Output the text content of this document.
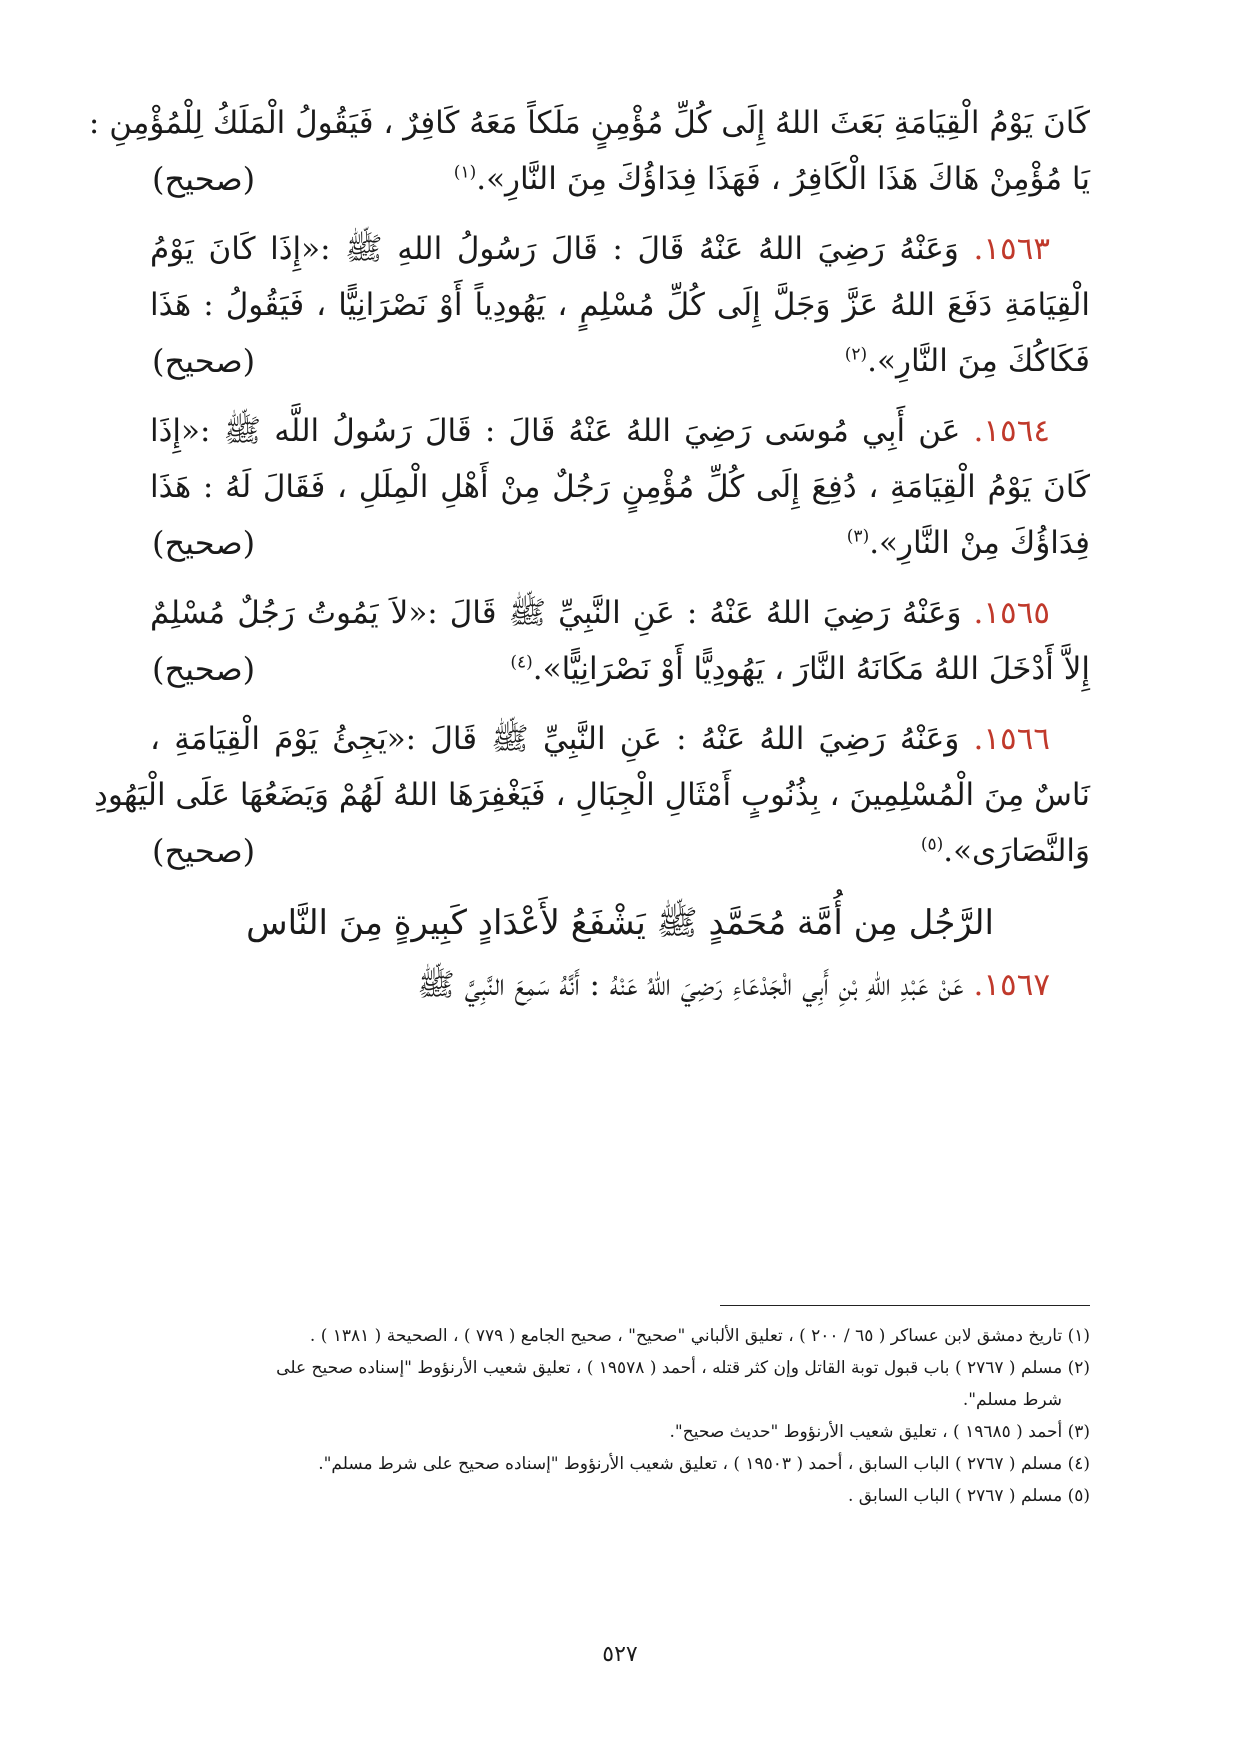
كَانَ يَوْمُ الْقِيَامَةِ بَعَثَ اللهُ إِلَى كُلِّ مُؤْمِنٍ مَلَكاً مَعَهُ كَافِرٌ ، فَيَقُولُ الْمَلَكُ لِلْمُؤْمِنِ :
يَا مُؤْمِنْ هَاكَ هَذَا الْكَافِرُ ، فَهَذَا فِدَاؤُكَ مِنَ النَّارِ».$^{(١)}$
(صحيح)
١٥٦٣. وَعَنْهُ رَضِيَ اللهُ عَنْهُ قَالَ : قَالَ رَسُولُ اللهِ ﷺ :«إِذَا كَانَ يَوْمُ
الْقِيَامَةِ دَفَعَ اللهُ عَزَّ وَجَلَّ إِلَى كُلِّ مُسْلِمٍ ، يَهُودِياً أَوْ نَصْرَانِيًّا ، فَيَقُولُ : هَذَا
فَكَاكُكَ مِنَ النَّارِ».$^{(٢)}$
(صحيح)
١٥٦٤. عَن أَبِي مُوسَى رَضِيَ اللهُ عَنْهُ قَالَ : قَالَ رَسُولُ اللَّه ﷺ :«إِذَا
كَانَ يَوْمُ الْقِيَامَةِ ، دُفِعَ إِلَى كُلِّ مُؤْمِنٍ رَجُلٌ مِنْ أَهْلِ الْمِلَلِ ، فَقَالَ لَهُ : هَذَا
فِدَاؤُكَ مِنْ النَّارِ».$^{(٣)}$
(صحيح)
١٥٦٥. وَعَنْهُ رَضِيَ اللهُ عَنْهُ : عَنِ النَّبِيِّ ﷺ قَالَ :«لاَ يَمُوتُ رَجُلٌ مُسْلِمٌ
إِلاَّ أَدْخَلَ اللهُ مَكَانَهُ النَّارَ ، يَهُودِيًّا أَوْ نَصْرَانِيًّا».$^{(٤)}$
(صحيح)
١٥٦٦. وَعَنْهُ رَضِيَ اللهُ عَنْهُ : عَنِ النَّبِيِّ ﷺ قَالَ :«يَجِئُ يَوْمَ الْقِيَامَةِ ،
نَاسٌ مِنَ الْمُسْلِمِينَ ، بِذُنُوبٍ أَمْثَالِ الْجِبَالِ ، فَيَغْفِرَهَا اللهُ لَهُمْ وَيَضَعُهَا عَلَى الْيَهُودِ
وَالنَّصَارَى».$^{(٥)}$
(صحيح)
الرَّجُل مِن أُمَّة مُحَمَّدٍ ﷺ يَشْفَعُ لأَعْدَادٍ كَبِيرةٍ مِنَ النَّاس
١٥٦٧. عَنْ عَبْدِ اللهِ بْنِ أَبِي الْجَدْعَاءِ رَضِيَ اللهُ عَنْهُ : أَنَّهُ سَمِعَ النَّبِيَّ ﷺ
(١) تاريخ دمشق لابن عساكر ( ٦٥ / ٢٠٠ ) ، تعليق الألباني "صحيح" ، صحيح الجامع ( ٧٧٩ ) ، الصحيحة ( ١٣٨١ ) .
(٢) مسلم ( ٢٧٦٧ ) باب قبول توبة القاتل وإن كثر قتله ، أحمد ( ١٩٥٧٨ ) ، تعليق شعيب الأرنؤوط "إسناده صحيح على
شرط مسلم".
(٣) أحمد ( ١٩٦٨٥ ) ، تعليق شعيب الأرنؤوط "حديث صحيح".
(٤) مسلم ( ٢٧٦٧ ) الباب السابق ، أحمد ( ١٩٥٠٣ ) ، تعليق شعيب الأرنؤوط "إسناده صحيح على شرط مسلم".
(٥) مسلم ( ٢٧٦٧ ) الباب السابق .
٥٢٧
